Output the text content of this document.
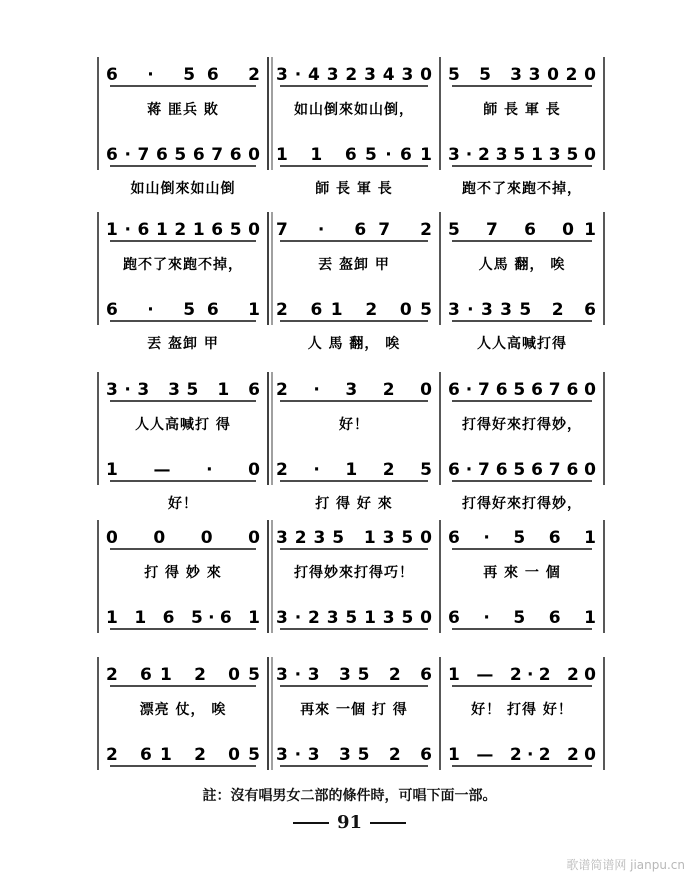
6 · 56 2
蒋 匪兵 敗
6·7656760
如山倒來如山倒
3·4323430
如山倒來如山倒，
1 1 65·61
師 長 軍 長
5 5 33020
師 長 軍 長
3·2351350
跑不了來跑不掉，
1·6121650
跑不了來跑不掉，
6 · 56 1
丟 盔卸 甲
7 · 67 2
丟 盔卸 甲
2 61 2 05
人 馬 翻， 唉
5 7 6 01
人馬 翻， 唉
3·335 2 6
人人高喊打得
3·3 35 1 6
人人高喊打 得
1 — · 0
好！
2 · 3 2 0
好！
2 · 1 2 5
打 得 好 來
6·7656760
打得好來打得妙，
6·7656760
打得好來打得妙，
0 0 0 0
打 得 妙 來
1 1 6 5·6 1
3235 1350
打得妙來打得巧！
3·2351350
6 · 5 6 1
再 來 一 個
6 · 5 6 1
2 61 2 05
漂亮 仗， 唉
2 61 2 05
3·3 35 2 6
再來 一個 打 得
3·3 35 2 6
1 — 2·2 20
好！ 打得 好！
1 — 2·2 20
註：沒有唱男女二部的條件時，可唱下面一部。
91
歌谱简谱网 jianpu.cn
